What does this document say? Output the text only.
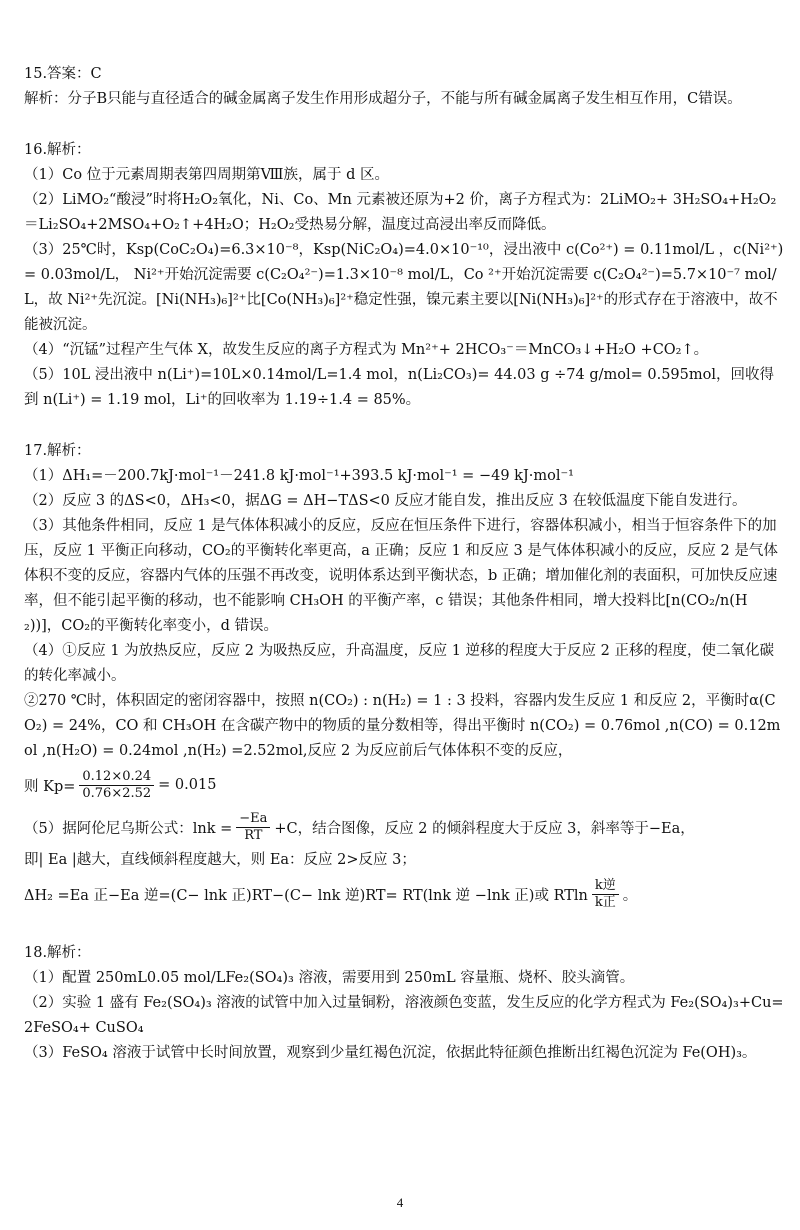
15.答案：C
解析：分子B只能与直径适合的碱金属离子发生作用形成超分子，不能与所有碱金属离子发生相互作用，C错误。
16.解析：
（1）Co 位于元素周期表第四周期第Ⅷ族，属于 d 区。
（2）LiMO₂“酸浸”时将H₂O₂氧化，Ni、Co、Mn 元素被还原为+2 价，离子方程式为：2LiMO₂+ 3H₂SO₄+H₂O₂ ＝Li₂SO₄+2MSO₄+O₂↑+4H₂O；H₂O₂受热易分解，温度过高浸出率反而降低。
（3）25℃时，Ksp(CoC₂O₄)=6.3×10⁻⁸，Ksp(NiC₂O₄)=4.0×10⁻¹⁰，浸出液中 c(Co²⁺) = 0.11mol/L ，c(Ni²⁺) = 0.03mol/L， Ni²⁺开始沉淀需要 c(C₂O₄²⁻)=1.3×10⁻⁸ mol/L，Co ²⁺开始沉淀需要 c(C₂O₄²⁻)=5.7×10⁻⁷ mol/L，故 Ni²⁺先沉淀。[Ni(NH₃)₆]²⁺比[Co(NH₃)₆]²⁺稳定性强，镍元素主要以[Ni(NH₃)₆]²⁺的形式存在于溶液中，故不能被沉淀。
（4）“沉锰”过程产生气体 X，故发生反应的离子方程式为 Mn²⁺+ 2HCO₃⁻＝MnCO₃↓+H₂O +CO₂↑。
（5）10L 浸出液中 n(Li⁺)=10L×0.14mol/L=1.4 mol，n(Li₂CO₃)= 44.03 g ÷74 g/mol= 0.595mol，回收得到 n(Li⁺) = 1.19 mol，Li⁺的回收率为 1.19÷1.4 = 85%。
17.解析：
（1）ΔH₁=－200.7kJ·mol⁻¹－241.8 kJ·mol⁻¹+393.5 kJ·mol⁻¹ = −49 kJ·mol⁻¹
（2）反应 3 的ΔS<0，ΔH₃<0，据ΔG = ΔH−TΔS<0 反应才能自发，推出反应 3 在较低温度下能自发进行。
（3）其他条件相同，反应 1 是气体体积减小的反应，反应在恒压条件下进行，容器体积减小，相当于恒容条件下的加压，反应 1 平衡正向移动，CO₂的平衡转化率更高，a 正确；反应 1 和反应 3 是气体体积减小的反应，反应 2 是气体体积不变的反应，容器内气体的压强不再改变，说明体系达到平衡状态，b 正确；增加催化剂的表面积，可加快反应速率，但不能引起平衡的移动，也不能影响 CH₃OH 的平衡产率，c 错误；其他条件相同，增大投料比[n(CO₂/n(H₂))]，CO₂的平衡转化率变小，d 错误。
（4）①反应 1 为放热反应，反应 2 为吸热反应，升高温度，反应 1 逆移的程度大于反应 2 正移的程度，使二氧化碳的转化率减小。
②270 ℃时，体积固定的密闭容器中，按照 n(CO₂) : n(H₂) = 1 : 3 投料，容器内发生反应 1 和反应 2，平衡时α(CO₂) = 24%，CO 和 CH₃OH 在含碳产物中的物质的量分数相等，得出平衡时 n(CO₂) = 0.76mol ,n(CO) = 0.12mol ,n(H₂O) = 0.24mol ,n(H₂) =2.52mol,反应 2 为反应前后气体体积不变的反应，
则 $Kp= \frac{0.12\times 0.24}{0.76\times 2.52} = 0.015$
（5）据阿伦尼乌斯公式：$\ln k = \frac{-Ea}{RT} +C$，结合图像，反应 2 的倾斜程度大于反应 3，斜率等于−Ea，
即| Ea |越大，直线倾斜程度越大，则 Ea：反应 2>反应 3；
ΔH₂ =Ea 正−Ea 逆=(C− lnk 正)RT−(C− lnk 逆)RT= RT(lnk 逆 −lnk 正)或 RTln $\frac{\text{k逆}}{\text{k正}}$ 。
18.解析：
（1）配置 250mL0.05 mol/LFe₂(SO₄)₃ 溶液，需要用到 250mL 容量瓶、烧杯、胶头滴管。
（2）实验 1 盛有 Fe₂(SO₄)₃ 溶液的试管中加入过量铜粉，溶液颜色变蓝，发生反应的化学方程式为 Fe₂(SO₄)₃+Cu=2FeSO₄+ CuSO₄
（3）FeSO₄ 溶液于试管中长时间放置，观察到少量红褐色沉淀，依据此特征颜色推断出红褐色沉淀为 Fe(OH)₃。
4
